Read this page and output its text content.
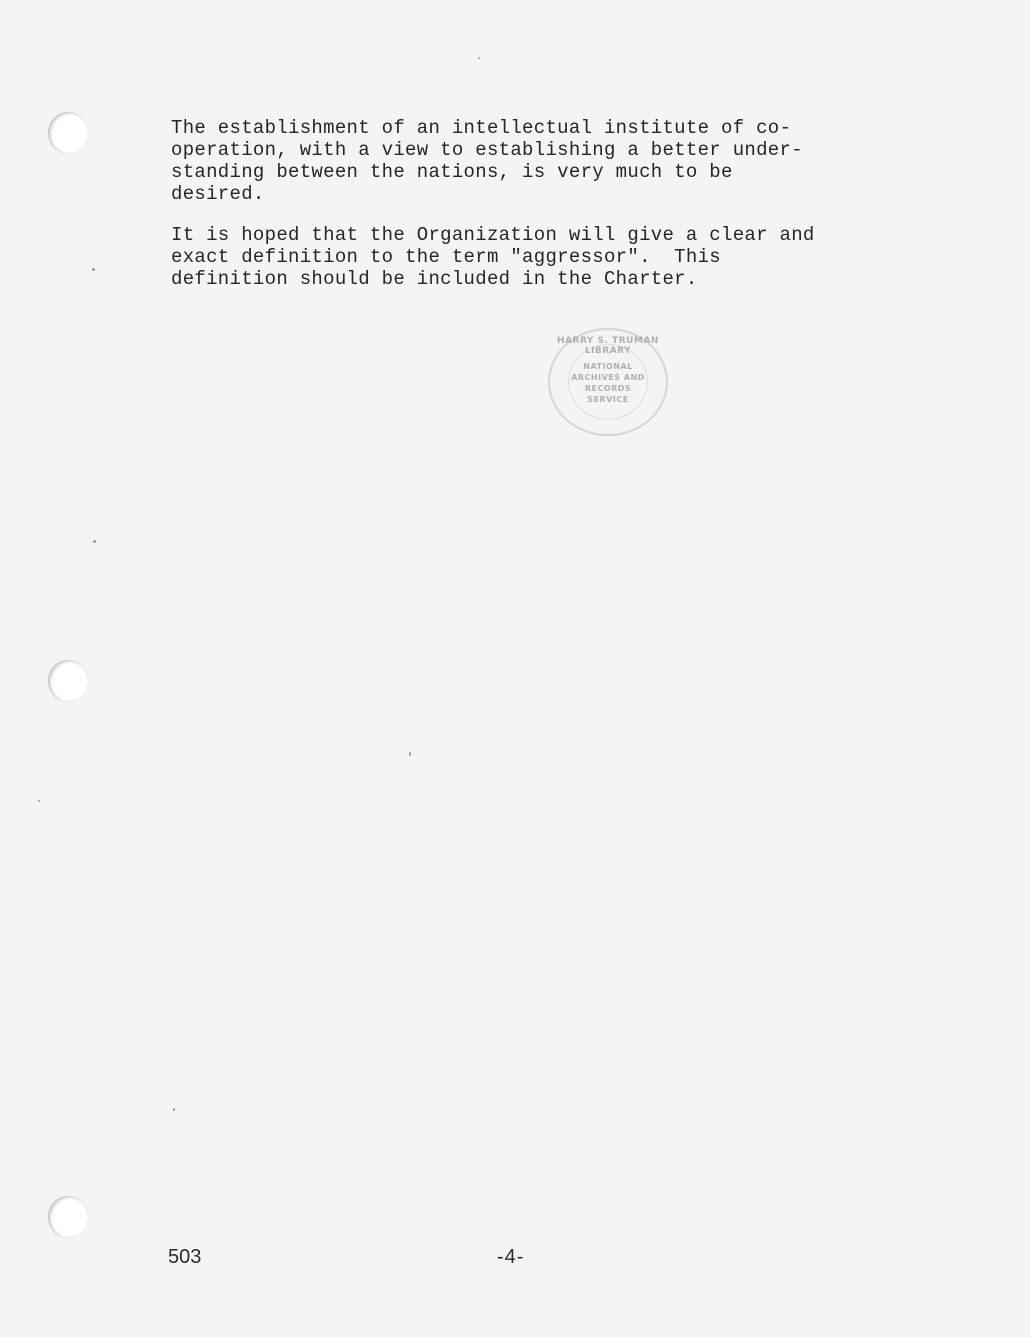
The establishment of an intellectual institute of co-
operation, with a view to establishing a better under-
standing between the nations, is very much to be
desired.

It is hoped that the Organization will give a clear and
exact definition to the term "aggressor".  This
definition should be included in the Charter.

HARRY S. TRUMAN LIBRARY
NATIONAL
ARCHIVES AND
RECORDS
SERVICE
503	-4-
